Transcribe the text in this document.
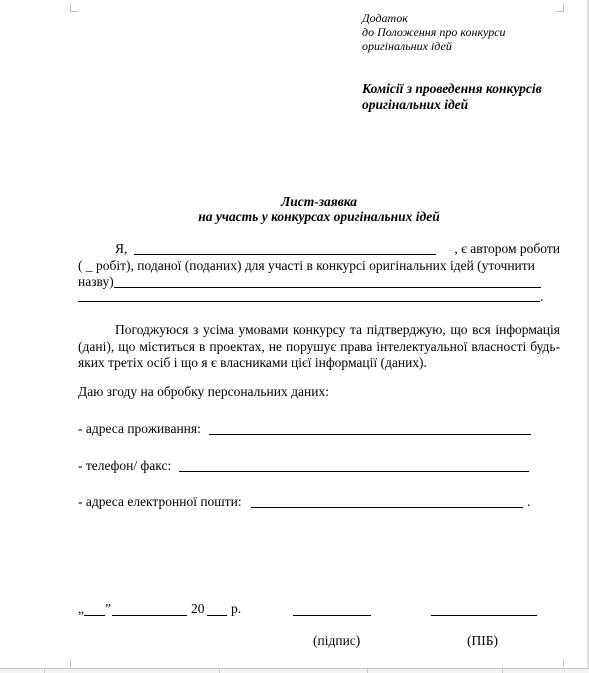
Додаток
до Положення про конкурси
оригінальних ідей
Комісії з проведення конкурсів
оригінальних ідей
Лист-заявка
на участь у конкурсах оригінальних ідей
Я,	, є автором роботи
( _ робіт), поданої (поданих) для участі в конкурсі оригінальних ідей (уточнити
назву)
.
Погоджуюся з усіма умовами конкурсу та підтверджую, що вся інформація (дані), що міститься в проектах, не порушує права інтелектуальної власності будь-яких третіх осіб і що я є власниками цієї інформації (даних).
Даю згоду на обробку персональних даних:
- адреса проживання:
- телефон/ факс:
- адреса електронної пошти:	.
„ ”	20 р.
(підпис)	(ПІБ)
